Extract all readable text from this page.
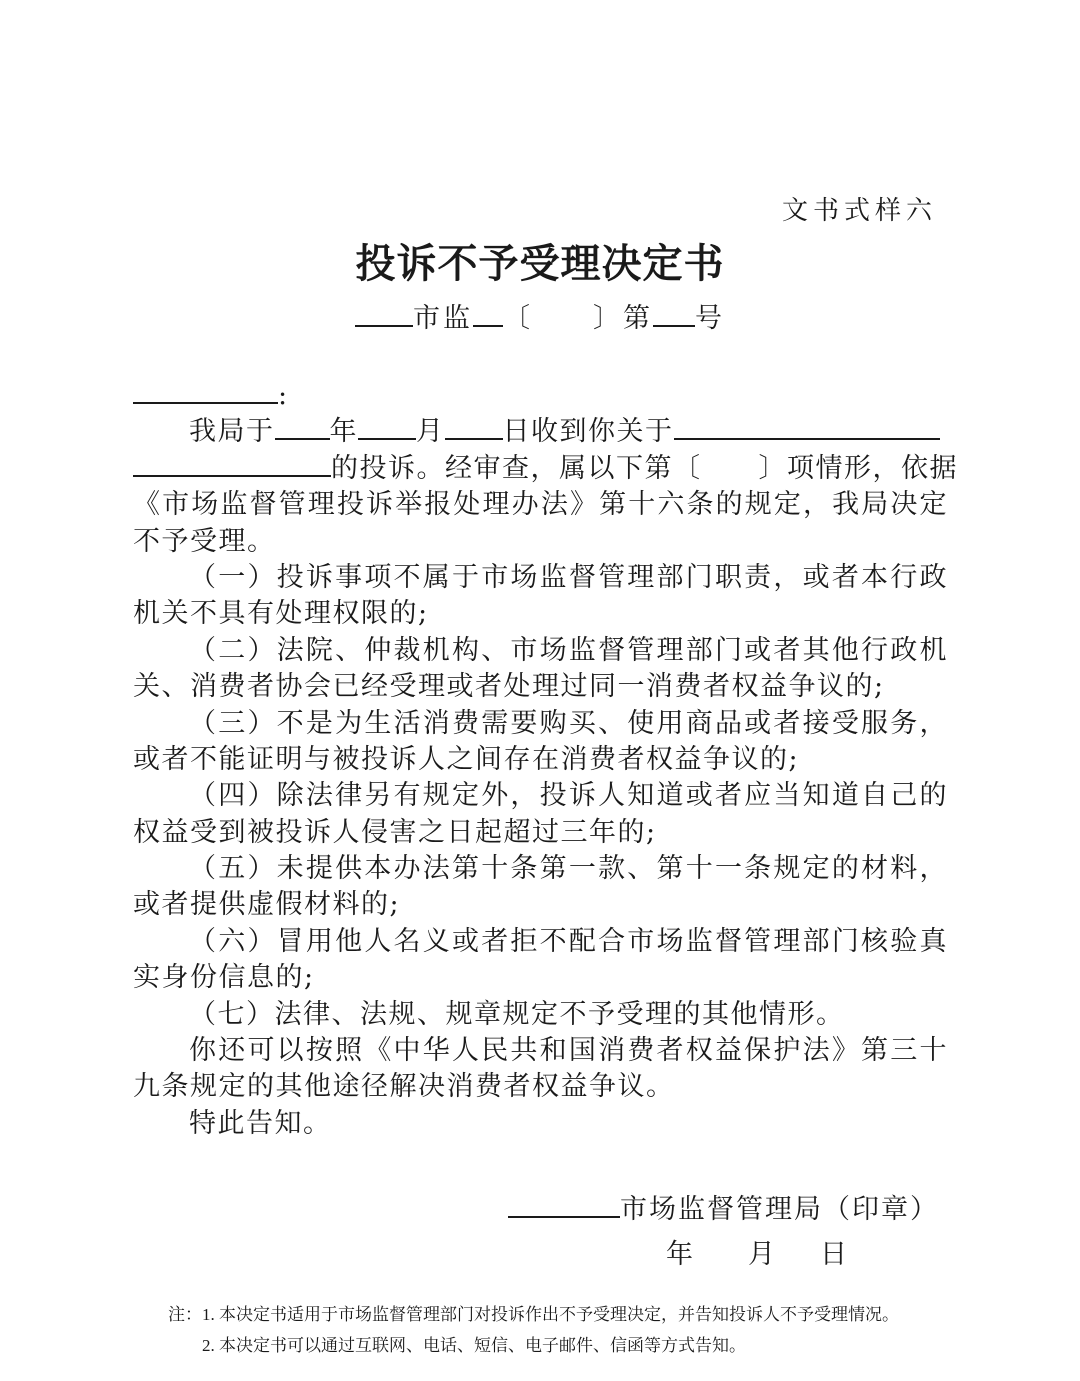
文书式样六
投诉不予受理决定书
市监 〔　　〕第 号
:
我局于 年 月 日收到你关于
的投诉。经审查，属以下第〔　　〕项情形，依据
《市场监督管理投诉举报处理办法》第十六条的规定，我局决定
不予受理。
（一）投诉事项不属于市场监督管理部门职责，或者本行政
机关不具有处理权限的;
（二）法院、仲裁机构、市场监督管理部门或者其他行政机
关、消费者协会已经受理或者处理过同一消费者权益争议的;
（三）不是为生活消费需要购买、使用商品或者接受服务，
或者不能证明与被投诉人之间存在消费者权益争议的;
（四）除法律另有规定外，投诉人知道或者应当知道自己的
权益受到被投诉人侵害之日起超过三年的;
（五）未提供本办法第十条第一款、第十一条规定的材料，
或者提供虚假材料的;
（六）冒用他人名义或者拒不配合市场监督管理部门核验真
实身份信息的;
（七）法律、法规、规章规定不予受理的其他情形。
你还可以按照《中华人民共和国消费者权益保护法》第三十
九条规定的其他途径解决消费者权益争议。
特此告知。
市场监督管理局（印章）
年 月 日
注：1. 本决定书适用于市场监督管理部门对投诉作出不予受理决定，并告知投诉人不予受理情况。
2. 本决定书可以通过互联网、电话、短信、电子邮件、信函等方式告知。
